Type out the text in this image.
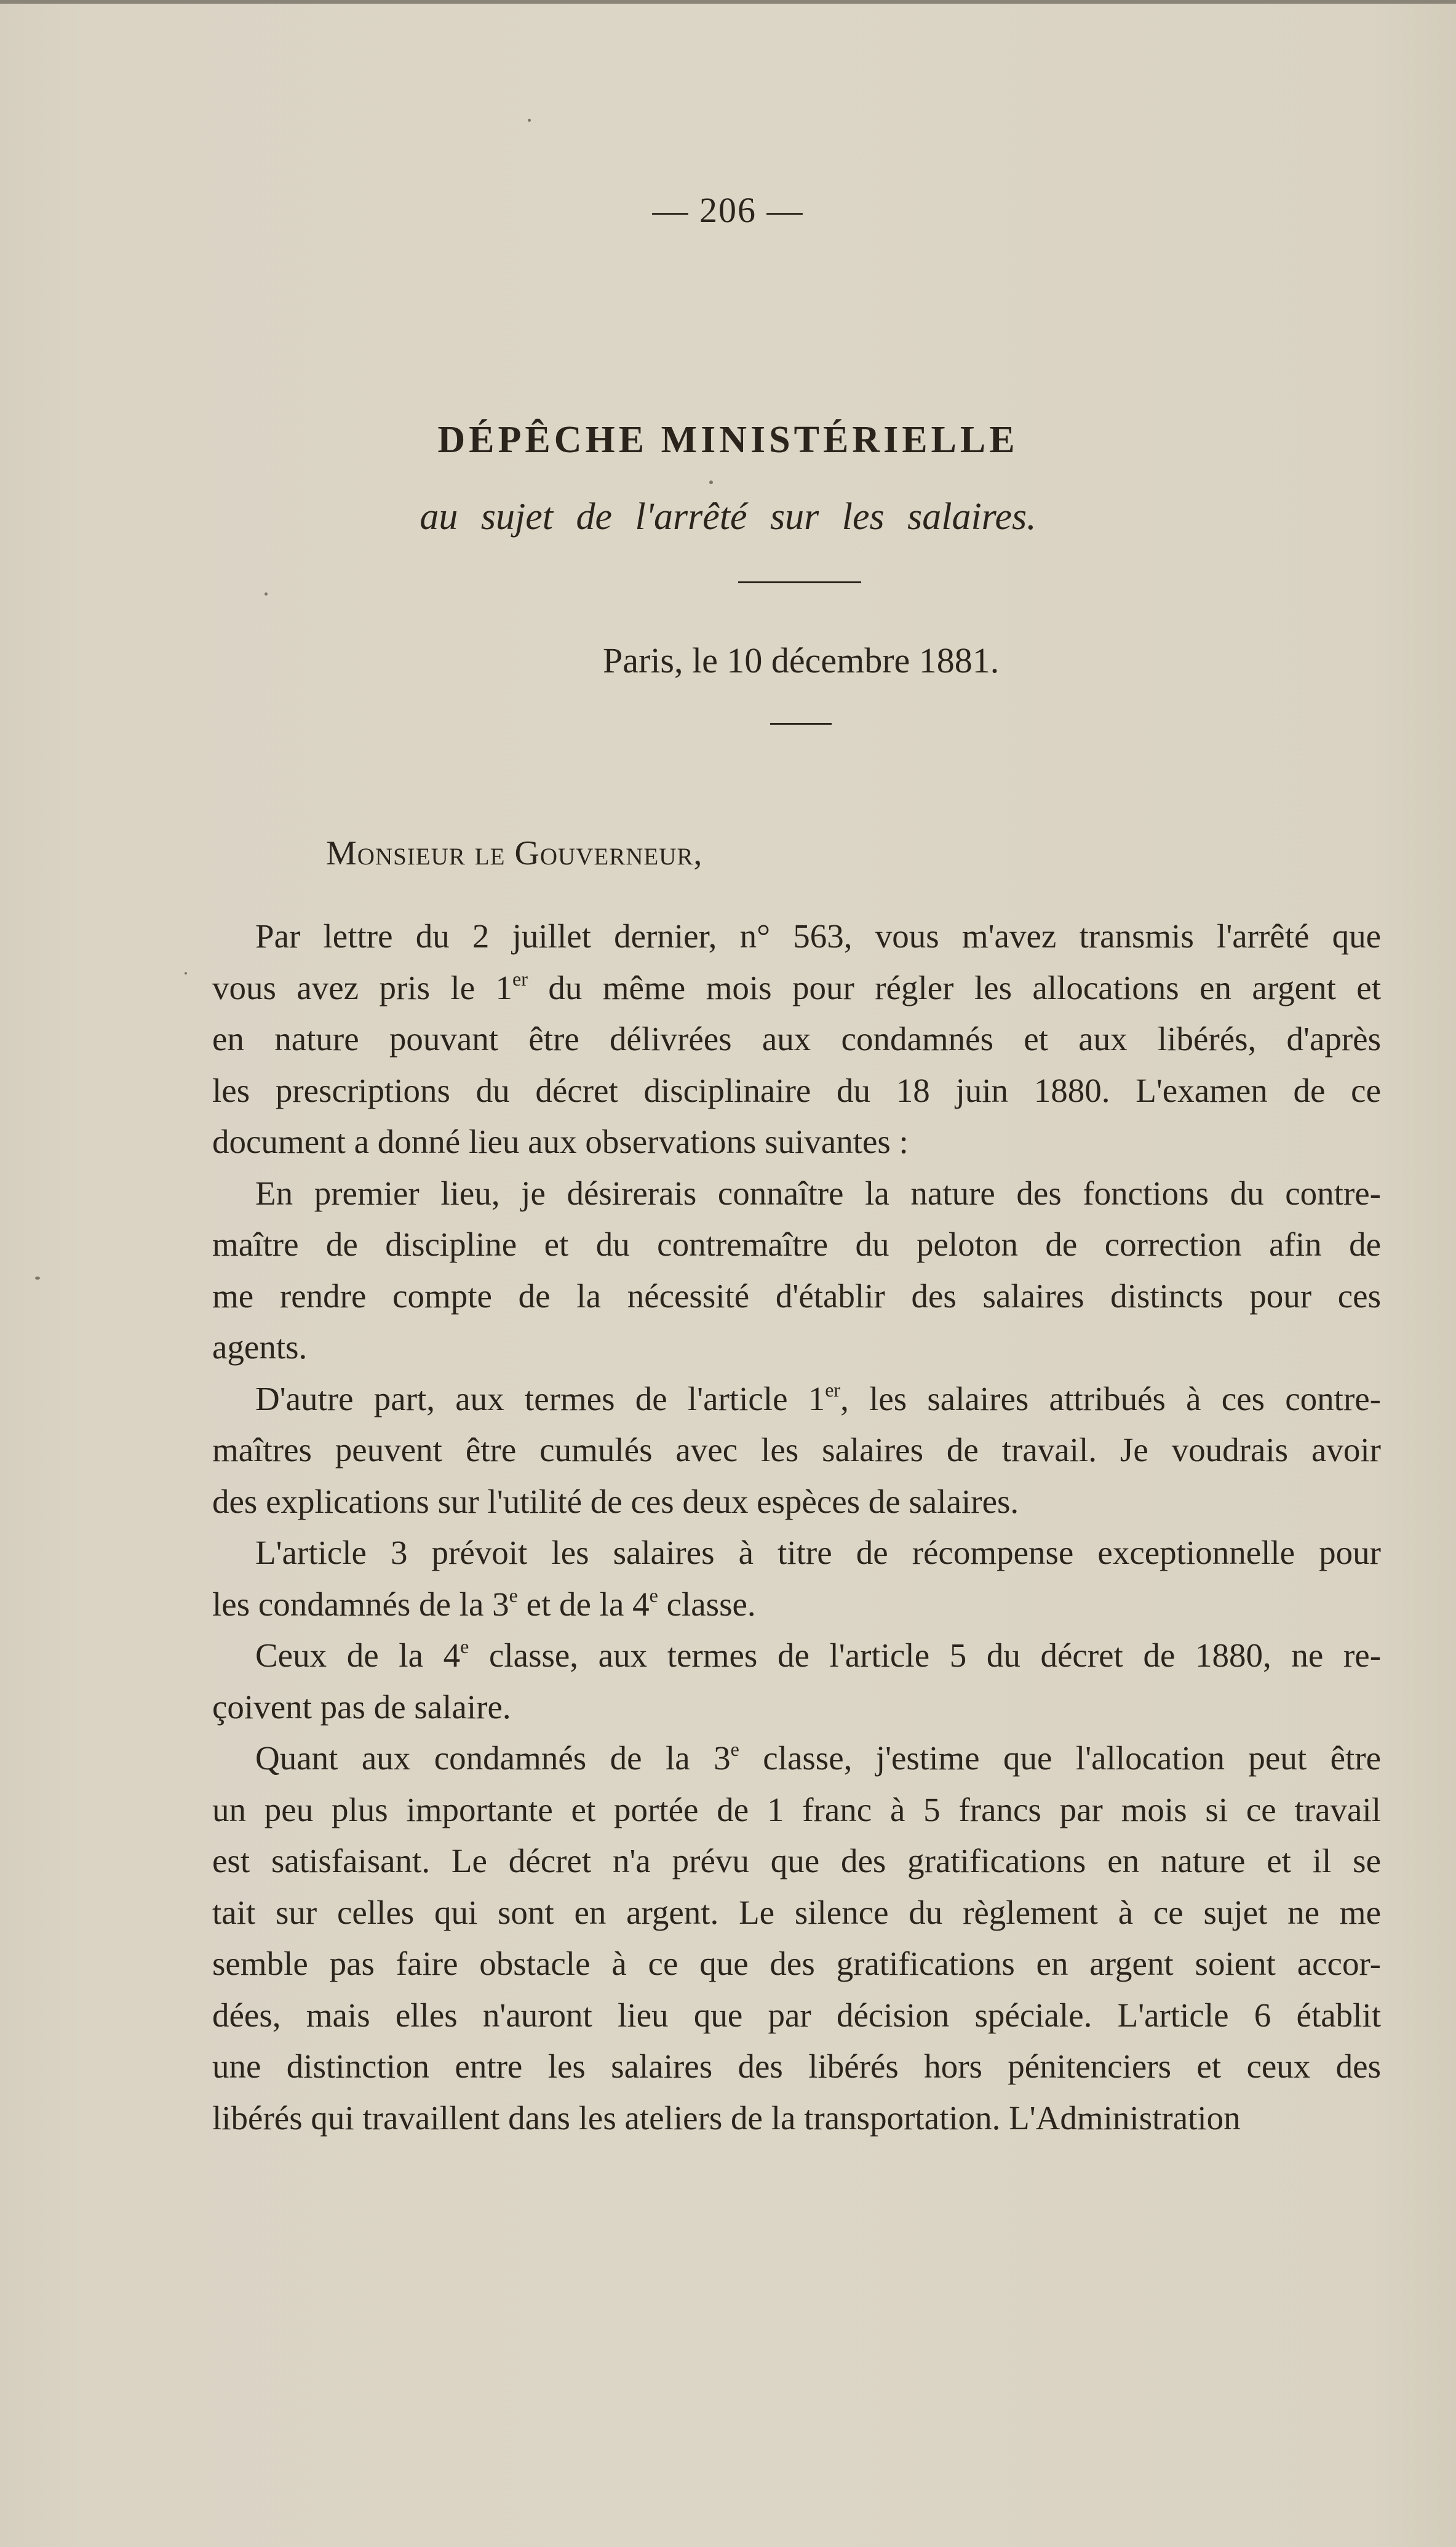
— 206 —
DÉPÊCHE MINISTÉRIELLE
au sujet de l'arrêté sur les salaires.
Paris, le 10 décembre 1881.
Monsieur le Gouverneur,
Par lettre du 2 juillet dernier, n° 563, vous m'avez transmis l'arrêté que
vous avez pris le 1er du même mois pour régler les allocations en argent et
en nature pouvant être délivrées aux condamnés et aux libérés, d'après
les prescriptions du décret disciplinaire du 18 juin 1880. L'examen de ce
document a donné lieu aux observations suivantes :
En premier lieu, je désirerais connaître la nature des fonctions du contre-
maître de discipline et du contremaître du peloton de correction afin de
me rendre compte de la nécessité d'établir des salaires distincts pour ces
agents.
D'autre part, aux termes de l'article 1er, les salaires attribués à ces contre-
maîtres peuvent être cumulés avec les salaires de travail. Je voudrais avoir
des explications sur l'utilité de ces deux espèces de salaires.
L'article 3 prévoit les salaires à titre de récompense exceptionnelle pour
les condamnés de la 3e et de la 4e classe.
Ceux de la 4e classe, aux termes de l'article 5 du décret de 1880, ne re-
çoivent pas de salaire.
Quant aux condamnés de la 3e classe, j'estime que l'allocation peut être
un peu plus importante et portée de 1 franc à 5 francs par mois si ce travail
est satisfaisant. Le décret n'a prévu que des gratifications en nature et il se
tait sur celles qui sont en argent. Le silence du règlement à ce sujet ne me
semble pas faire obstacle à ce que des gratifications en argent soient accor-
dées, mais elles n'auront lieu que par décision spéciale. L'article 6 établit
une distinction entre les salaires des libérés hors pénitenciers et ceux des
libérés qui travaillent dans les ateliers de la transportation. L'Administration
